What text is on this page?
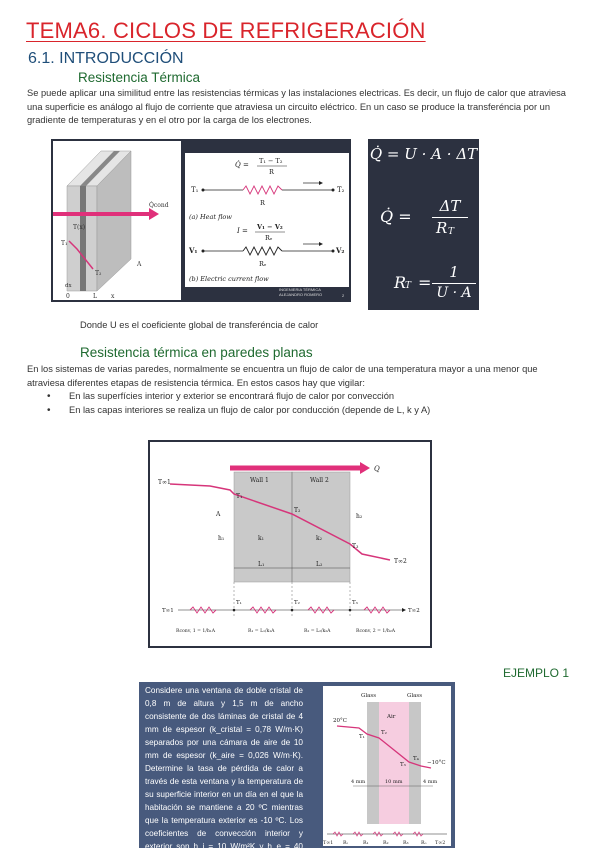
TEMA6. CICLOS DE REFRIGERACIÓN
6.1. INTRODUCCIÓN
Resistencia Térmica
Se puede aplicar una similitud entre las resistencias térmicas y las instalaciones electricas. Es decir, un flujo de calor que atraviesa una superficie es análogo al flujo de corriente que atraviesa un circuito eléctrico. En un caso se produce la transferéncia por un gradiente de temperaturas y en el otro por la carga de los electrones.
Q̇cond
T(x)
T₁
T₂
A
dx
0	L x
Q̇ = T₁ − T₂
R
T₁	T₂
R
(a) Heat flow
I = V₁ − V₂
Rₑ
V₁	V₂
Rₑ
(b) Electric current flow
INGENIERIA TÉRMICA
ALEJANDRO ROMERO	2
Q̇ = U · A · ΔT
Q̇ =
ΔT
R T
R
T =
1
U · A
Donde U es el coeficiente global de transferéncia de calor
Resistencia térmica en paredes planas
En los sistemas de varias paredes, normalmente se encuentra un flujo de calor de una temperatura mayor a una menor que atraviesa diferentes etapas de resistencia térmica. En estos casos hay que vigilar:
• En las superfícies interior y exterior se encontrará flujo de calor por convección
• En las capas interiores se realiza un flujo de calor por conducción (depende de L, k y A)
Q
Wall 1	Wall 2
T∞1
T₁
T₂
T₃
T∞2
A
h₁
h₂
k₁	k₂
L₁	L₂
T∞1
T₁	T₂	T₃
T∞2
Rconv, 1 = 1/h₁A	R₁ = L₁/k₁A	R₂ = L₂/k₂A	Rconv, 2 = 1/h₂A
EJEMPLO 1
Considere una ventana de doble cristal de 0,8 m de altura y 1,5 m de ancho consistente de dos láminas de cristal de 4 mm de espesor (k_cristal = 0,78 W/m·K) separados por una cámara de aire de 10 mm de espesor (k_aire = 0,026 W/m·K). Determine la tasa de pérdida de calor a través de esta ventana y la temperatura de su superficie interior en un día en el que la habitación se mantiene a 20 ºC mientras que la temperatura exterior es -10 ºC. Los coeficientes de convección interior y exterior son h_i = 10 W/m²K y h_e = 40 W/m²K respectivamente.
Glass	Glass
Air
20°C
−10°C
T₁
T₂
T₃
T₄
4 mm	10 mm	4 mm
T∞1 Rᵢ	R₁	R₂	R₃	Rₒ T∞2
